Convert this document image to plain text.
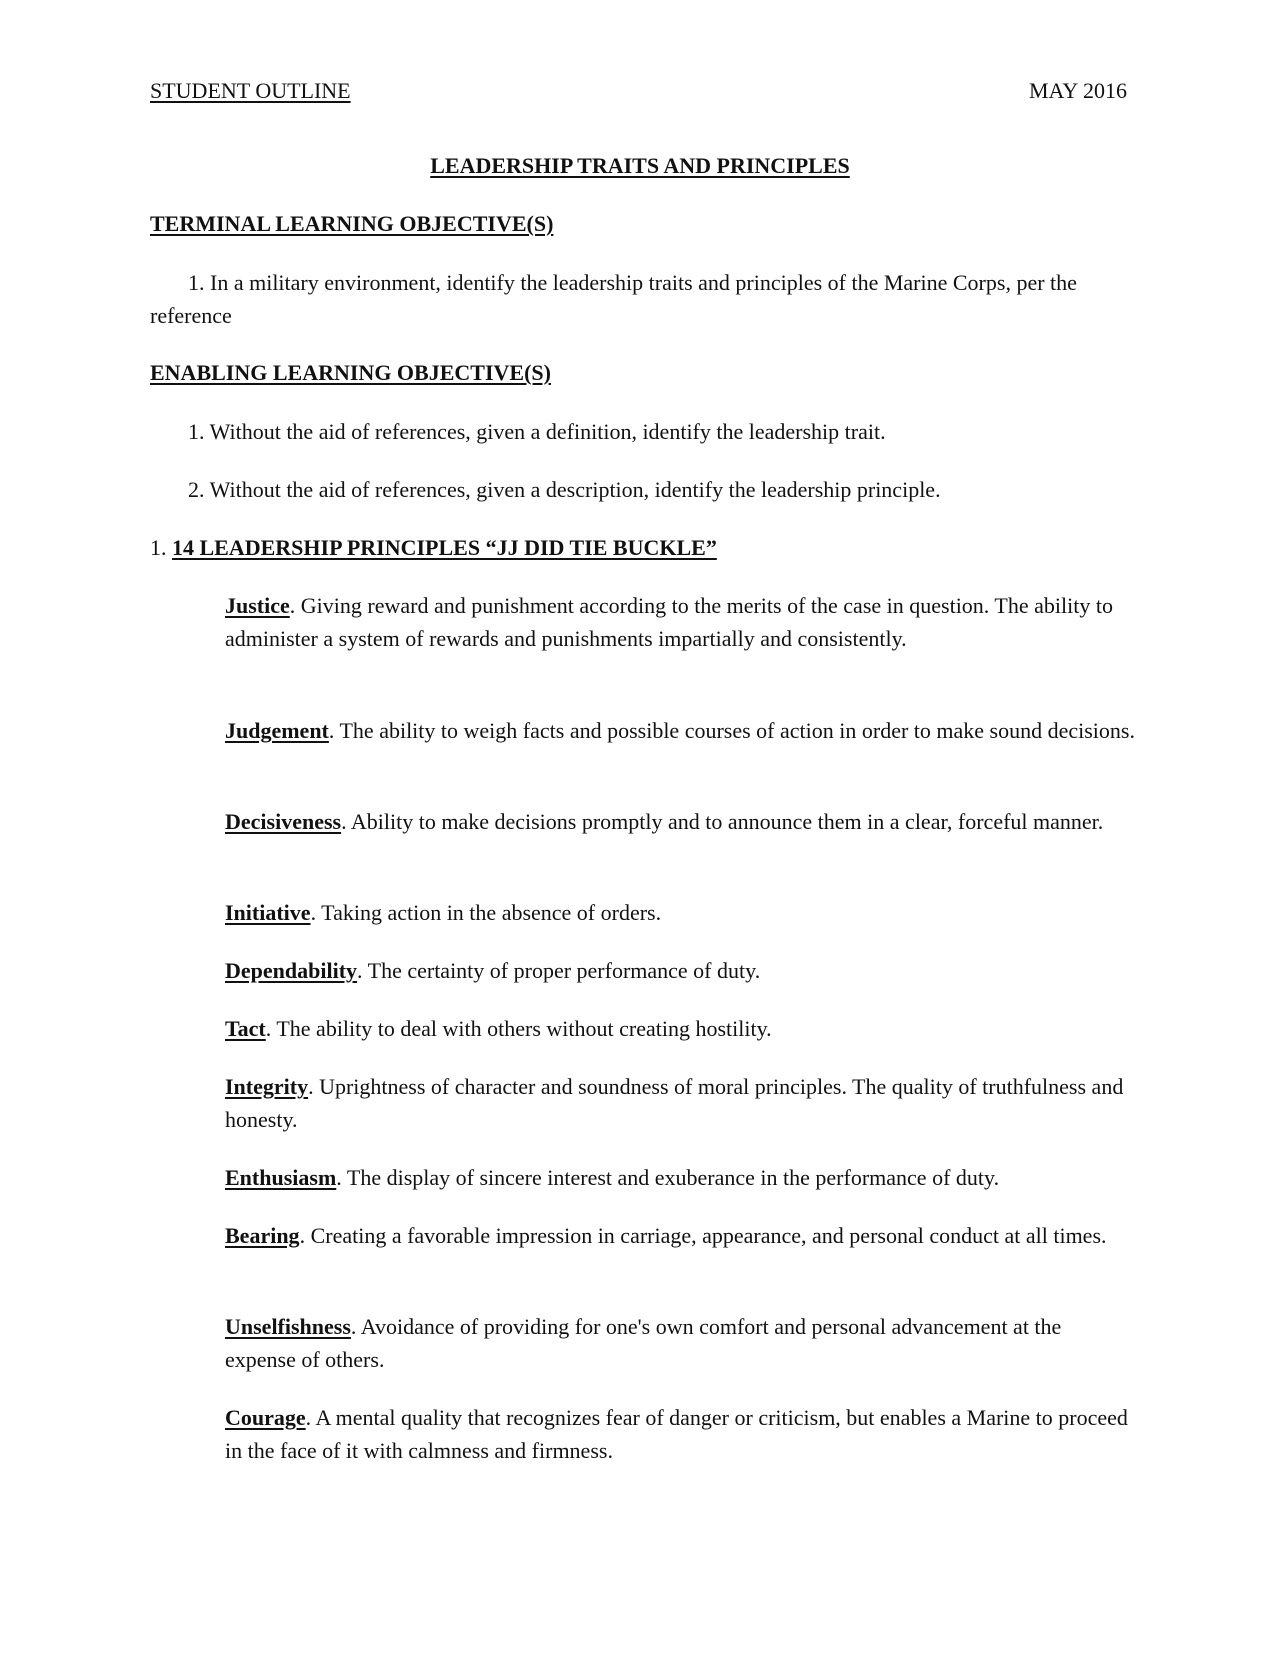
STUDENT OUTLINE	MAY 2016
LEADERSHIP TRAITS AND PRINCIPLES
TERMINAL LEARNING OBJECTIVE(S)
1. In a military environment, identify the leadership traits and principles of the Marine Corps, per the reference
ENABLING LEARNING OBJECTIVE(S)
1. Without the aid of references, given a definition, identify the leadership trait.
2. Without the aid of references, given a description, identify the leadership principle.
1. 14 LEADERSHIP PRINCIPLES “JJ DID TIE BUCKLE”
Justice. Giving reward and punishment according to the merits of the case in question. The ability to administer a system of rewards and punishments impartially and consistently.
Judgement. The ability to weigh facts and possible courses of action in order to make sound decisions.
Decisiveness. Ability to make decisions promptly and to announce them in a clear, forceful manner.
Initiative. Taking action in the absence of orders.
Dependability. The certainty of proper performance of duty.
Tact. The ability to deal with others without creating hostility.
Integrity. Uprightness of character and soundness of moral principles. The quality of truthfulness and honesty.
Enthusiasm. The display of sincere interest and exuberance in the performance of duty.
Bearing. Creating a favorable impression in carriage, appearance, and personal conduct at all times.
Unselfishness. Avoidance of providing for one's own comfort and personal advancement at the expense of others.
Courage. A mental quality that recognizes fear of danger or criticism, but enables a Marine to proceed in the face of it with calmness and firmness.
